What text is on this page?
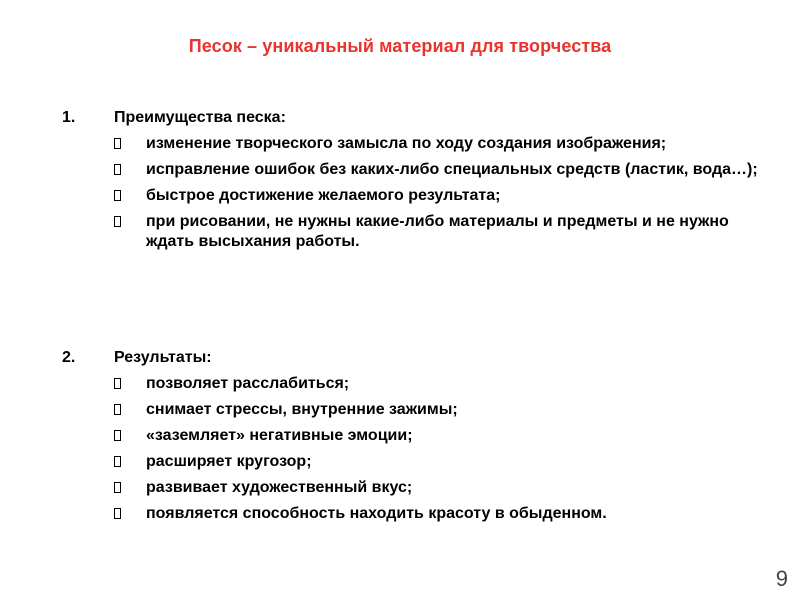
Песок – уникальный материал для творчества
1. Преимущества песка:
изменение творческого замысла по ходу создания изображения;
исправление ошибок без каких-либо специальных средств (ластик, вода…);
быстрое достижение желаемого результата;
при рисовании, не нужны какие-либо материалы и предметы и не нужно ждать высыхания работы.
2. Результаты:
позволяет расслабиться;
снимает стрессы, внутренние зажимы;
«заземляет» негативные эмоции;
расширяет кругозор;
развивает художественный вкус;
появляется способность находить красоту в обыденном.
9
